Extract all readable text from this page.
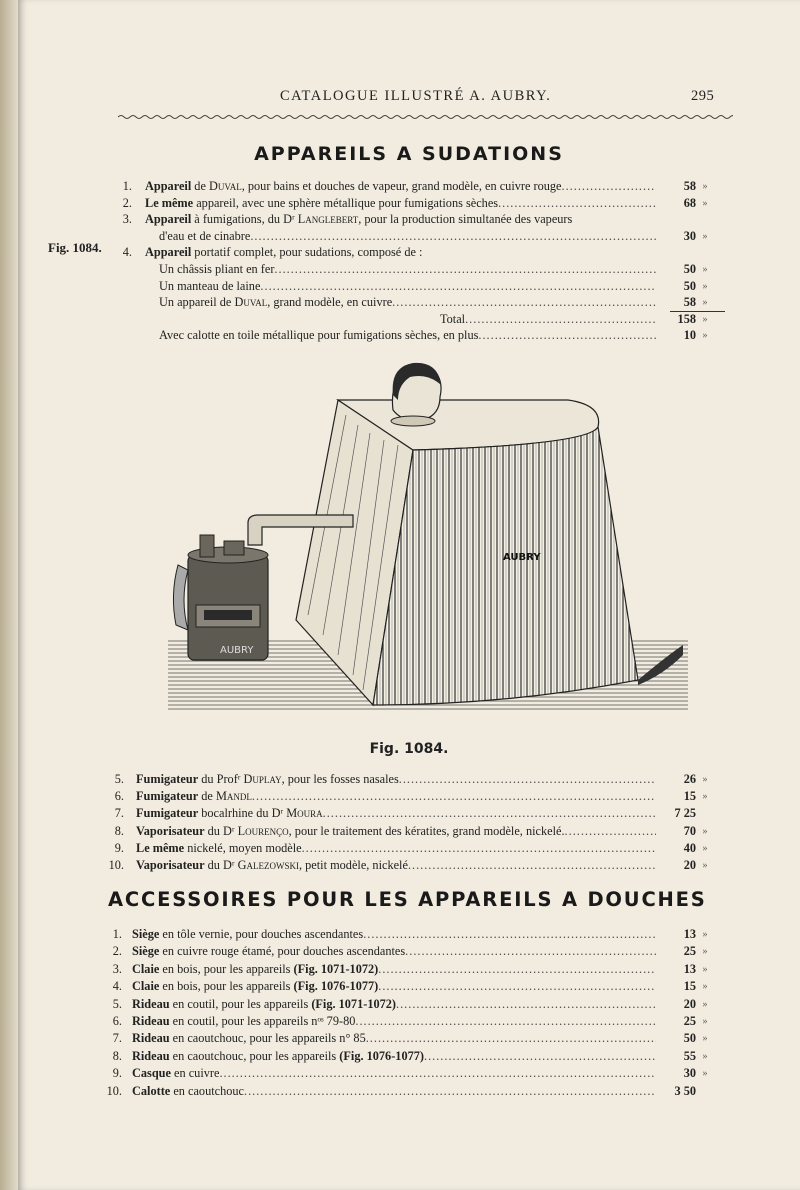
CATALOGUE ILLUSTRÉ A. AUBRY.	295
APPAREILS A SUDATIONS
1. Appareil de Duval, pour bains et douches de vapeur, grand modèle, en cuivre rouge .....	58 »
2. Le même appareil, avec une sphère métallique pour fumigations sèches .....	68 »
3. Appareil à fumigations, du Dʳ Langlebert, pour la production simultanée des vapeurs
d'eau et de cinabre .....	30 »
4. Appareil portatif complet, pour sudations, composé de :
Un châssis pliant en fer .....	50 »
Un manteau de laine .....	50 »
Un appareil de Duval, grand modèle, en cuivre .....	58 »
Total .....	158 »
Avec calotte en toile métallique pour fumigations sèches, en plus .....	10 »
Fig. 1084.
AUBRY
AUBRY
Fig. 1084.
5. Fumigateur du Profʳ Duplay, pour les fosses nasales .....	26 »
6. Fumigateur de Mandl .....	15 »
7. Fumigateur bocalrhine du Dʳ Moura .....	7 25
8. Vaporisateur du Dʳ Lourenço, pour le traitement des kératites, grand modèle, nickelé. .....	70 »
9. Le même nickelé, moyen modèle .....	40 »
10. Vaporisateur du Dʳ Galezowski, petit modèle, nickelé .....	20 »
ACCESSOIRES POUR LES APPAREILS A DOUCHES
1. Siège en tôle vernie, pour douches ascendantes .....	13 »
2. Siège en cuivre rouge étamé, pour douches ascendantes .....	25 »
3. Claie en bois, pour les appareils (Fig. 1071-1072) .....	13 »
4. Claie en bois, pour les appareils (Fig. 1076-1077) .....	15 »
5. Rideau en coutil, pour les appareils (Fig. 1071-1072) .....	20 »
6. Rideau en coutil, pour les appareils nᵒˢ 79-80 .....	25 »
7. Rideau en caoutchouc, pour les appareils n° 85 .....	50 »
8. Rideau en caoutchouc, pour les appareils (Fig. 1076-1077) .....	55 »
9. Casque en cuivre .....	30 »
10. Calotte en caoutchouc .....	3 50
